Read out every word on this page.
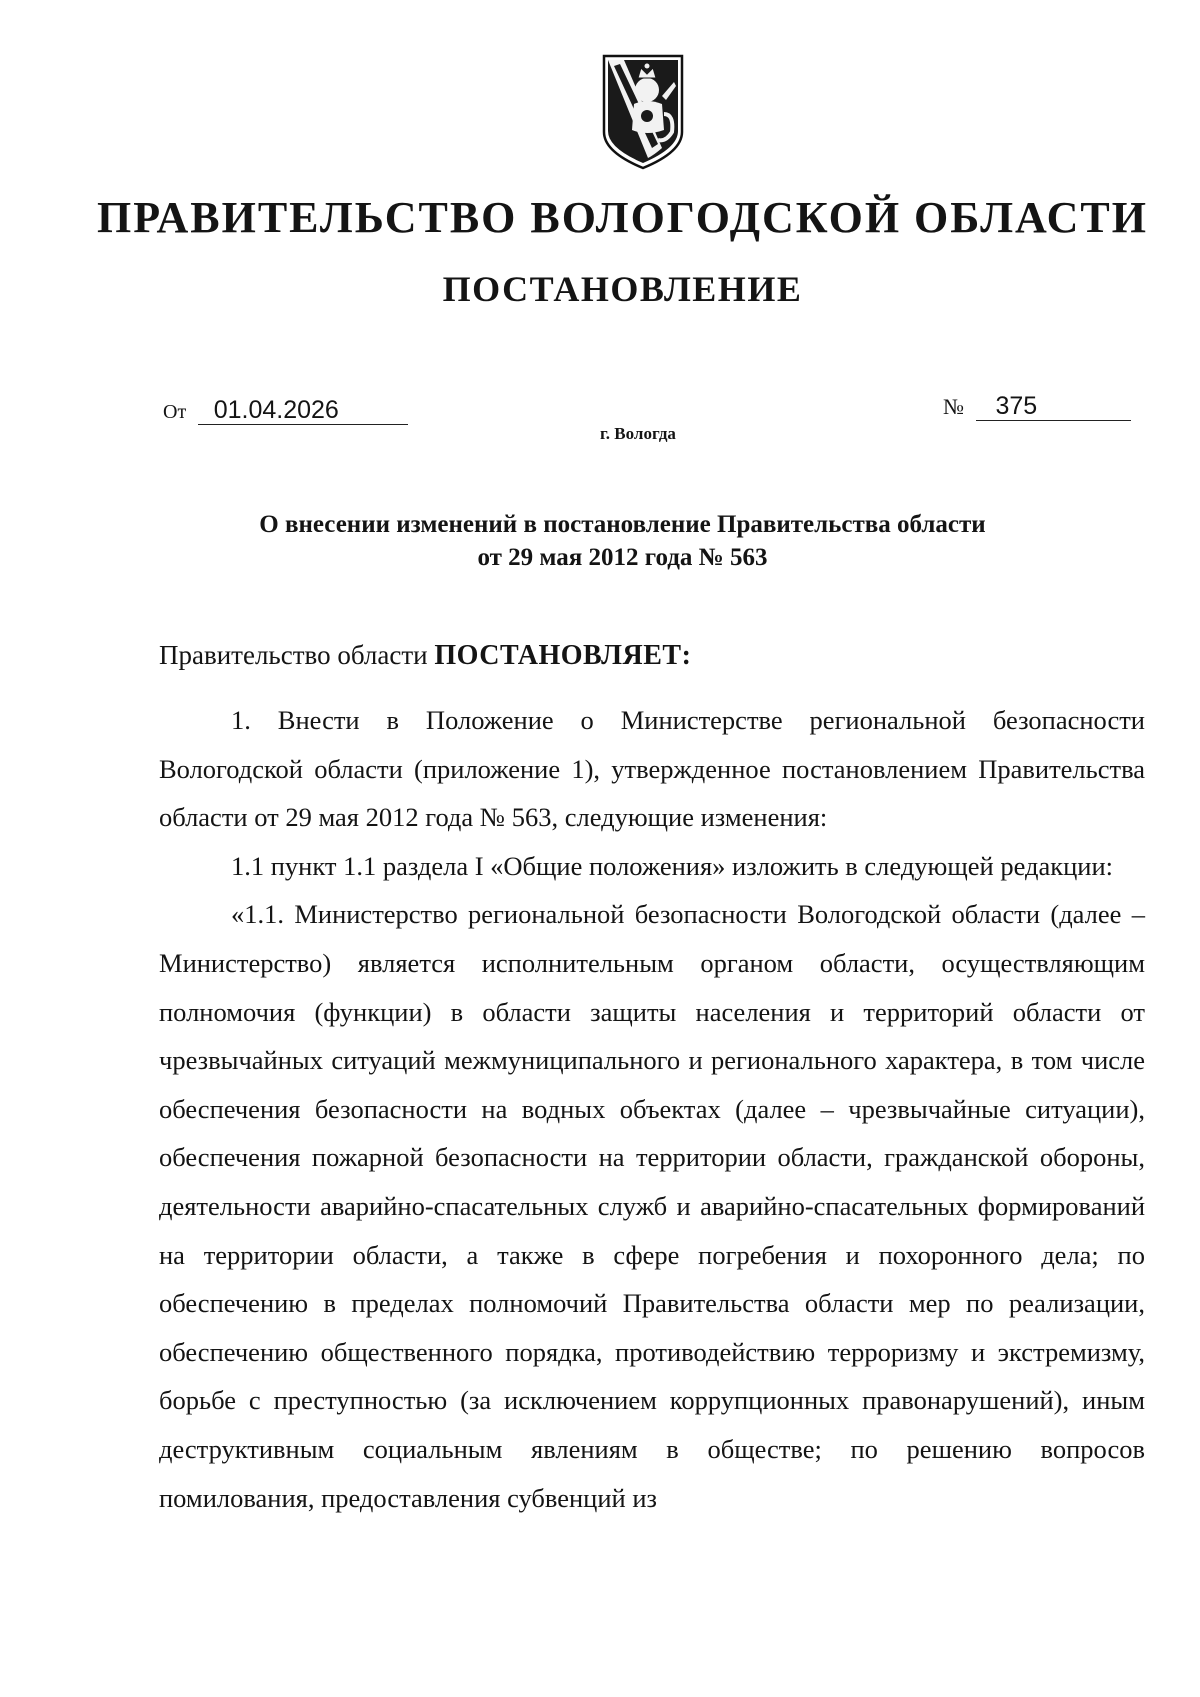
ПРАВИТЕЛЬСТВО ВОЛОГОДСКОЙ ОБЛАСТИ
ПОСТАНОВЛЕНИЕ
От 01.04.2026	№ 375
г. Вологда
О внесении изменений в постановление Правительства области
от 29 мая 2012 года № 563
Правительство области ПОСТАНОВЛЯЕТ:

1. Внести в Положение о Министерстве региональной безопасности Вологодской области (приложение 1), утвержденное постановлением Правительства области от 29 мая 2012 года № 563, следующие изменения:

1.1 пункт 1.1 раздела I «Общие положения» изложить в следующей редакции:

«1.1. Министерство региональной безопасности Вологодской области (далее – Министерство) является исполнительным органом области, осуществляющим полномочия (функции) в области защиты населения и территорий области от чрезвычайных ситуаций межмуниципального и регионального характера, в том числе обеспечения безопасности на водных объектах (далее – чрезвычайные ситуации), обеспечения пожарной безопасности на территории области, гражданской обороны, деятельности аварийно-спасательных служб и аварийно-спасательных формирований на территории области, а также в сфере погребения и похоронного дела; по обеспечению в пределах полномочий Правительства области мер по реализации, обеспечению общественного порядка, противодействию терроризму и экстремизму, борьбе с преступностью (за исключением коррупционных правонарушений), иным деструктивным социальным явлениям в обществе; по решению вопросов помилования, предоставления субвенций из
